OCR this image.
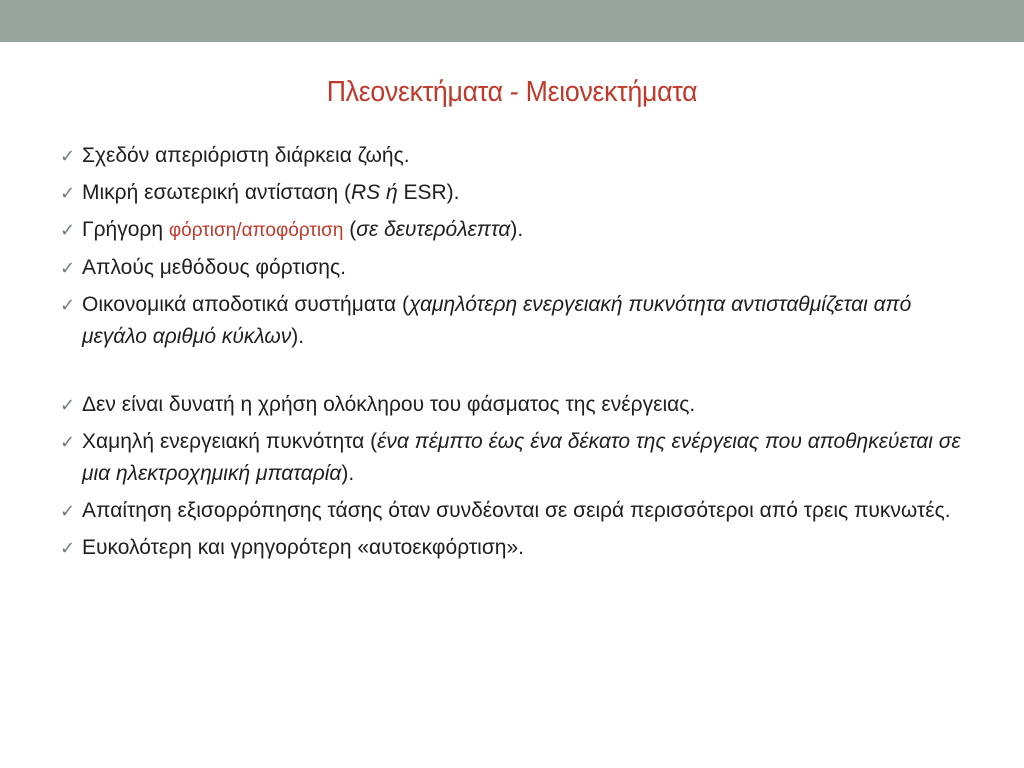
Πλεονεκτήματα - Μειονεκτήματα
✓ Σχεδόν απεριόριστη διάρκεια ζωής.
✓ Μικρή εσωτερική αντίσταση (RS ή ESR).
✓ Γρήγορη φόρτιση/αποφόρτιση (σε δευτερόλεπτα).
✓ Απλούς μεθόδους φόρτισης.
✓ Οικονομικά αποδοτικά συστήματα (χαμηλότερη ενεργειακή πυκνότητα αντισταθμίζεται από μεγάλο αριθμό κύκλων).
✓ Δεν είναι δυνατή η χρήση ολόκληρου του φάσματος της ενέργειας.
✓ Χαμηλή ενεργειακή πυκνότητα (ένα πέμπτο έως ένα δέκατο της ενέργειας που αποθηκεύεται σε μια ηλεκτροχημική μπαταρία).
✓ Απαίτηση εξισορρόπησης τάσης όταν συνδέονται σε σειρά περισσότεροι από τρεις πυκνωτές.
✓ Ευκολότερη και γρηγορότερη «αυτοεκφόρτιση».
